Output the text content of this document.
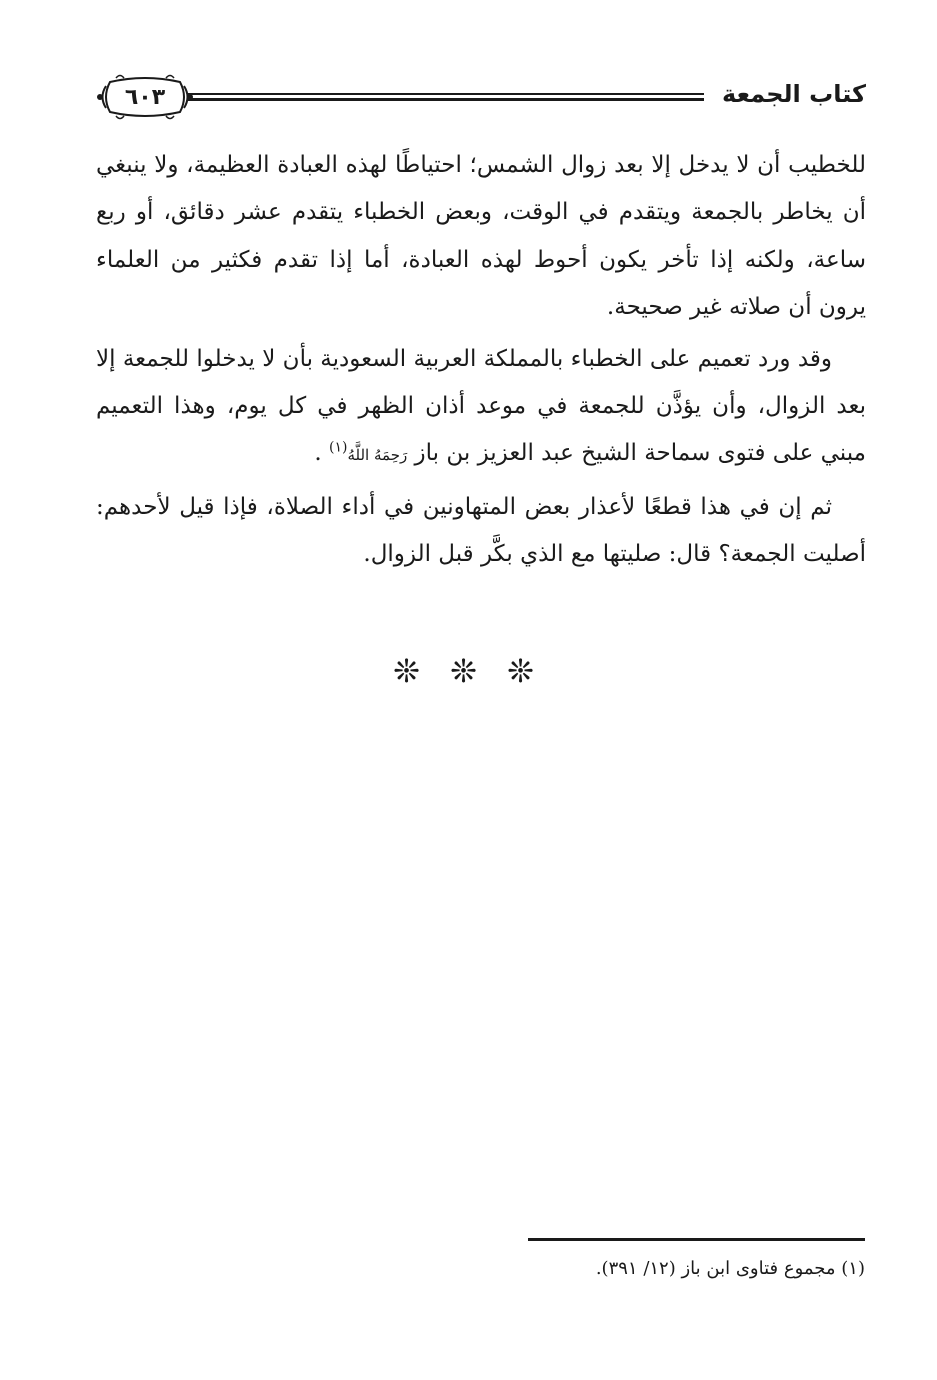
٦٠٣	كتاب الجمعة

للخطيب أن لا يدخل إلا بعد زوال الشمس؛ احتياطًا لهذه العبادة العظيمة، ولا ينبغي أن يخاطر بالجمعة ويتقدم في الوقت، وبعض الخطباء يتقدم عشر دقائق، أو ربع ساعة، ولكنه إذا تأخر يكون أحوط لهذه العبادة، أما إذا تقدم فكثير من العلماء يرون أن صلاته غير صحيحة.

وقد ورد تعميم على الخطباء بالمملكة العربية السعودية بأن لا يدخلوا للجمعة إلا بعد الزوال، وأن يؤذَّن للجمعة في موعد أذان الظهر في كل يوم، وهذا التعميم مبني على فتوى سماحة الشيخ عبد العزيز بن باز رَحِمَهُ اللَّهُ$^{(١)}$ .

ثم إن في هذا قطعًا لأعذار بعض المتهاونين في أداء الصلاة، فإذا قيل لأحدهم: أصليت الجمعة؟ قال: صليتها مع الذي بكَّر قبل الزوال.

❊ ❊ ❊
(١) مجموع فتاوى ابن باز (١٢/ ٣٩١).
